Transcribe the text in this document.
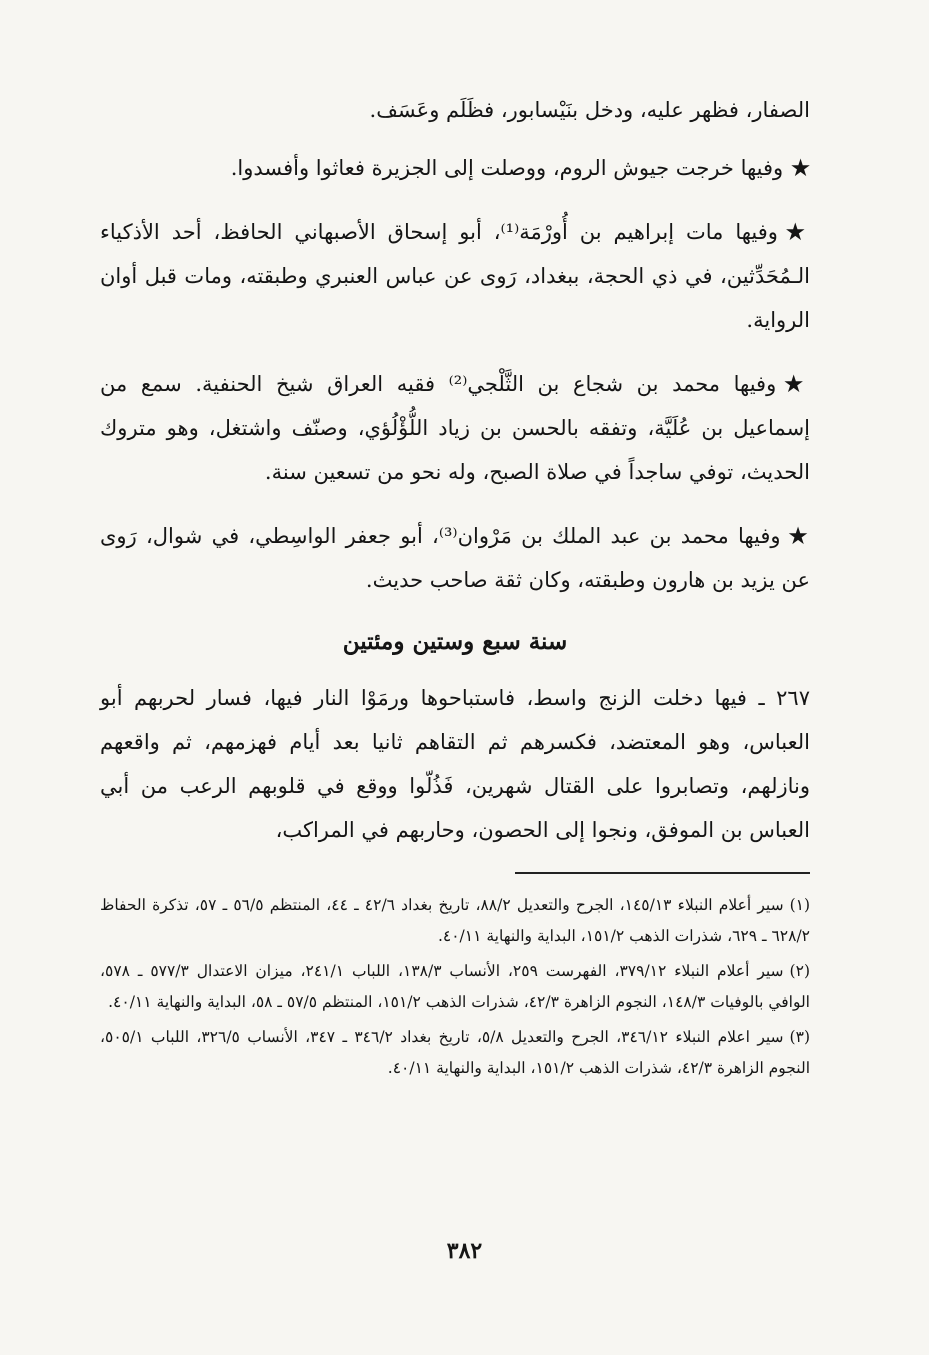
الصفار، فظهر عليه، ودخل بنَيْسابور، فظَلَم وعَسَف.

★وفيها خرجت جيوش الروم، ووصلت إلى الجزيرة فعاثوا وأفسدوا.

★وفيها مات إبراهيم بن أُورْمَة⁽¹⁾، أبو إسحاق الأصبهاني الحافظ، أحد الأذكياء الـمُحَدِّثين، في ذي الحجة، ببغداد، رَوى عن عباس العنبري وطبقته، ومات قبل أوان الرواية.

★وفيها محمد بن شجاع بن الثَّلْجي⁽²⁾ فقيه العراق شيخ الحنفية. سمع من إسماعيل بن عُلَيَّة، وتفقه بالحسن بن زياد اللُّؤْلُؤي، وصنّف واشتغل، وهو متروك الحديث، توفي ساجداً في صلاة الصبح، وله نحو من تسعين سنة.

★وفيها محمد بن عبد الملك بن مَرْوان⁽³⁾، أبو جعفر الواسِطي، في شوال، رَوى عن يزيد بن هارون وطبقته، وكان ثقة صاحب حديث.

سنة سبع وستين ومئتين

٢٦٧ ـ فيها دخلت الزنج واسط، فاستباحوها ورمَوْا النار فيها، فسار لحربهم أبو العباس، وهو المعتضد، فكسرهم ثم التقاهم ثانيا بعد أيام فهزمهم، ثم واقعهم ونازلهم، وتصابروا على القتال شهرين، فَذُلّوا ووقع في قلوبهم الرعب من أبي العباس بن الموفق، ونجوا إلى الحصون، وحاربهم في المراكب،

(١)سير أعلام النبلاء ١٤٥/١٣، الجرح والتعديل ٨٨/٢، تاريخ بغداد ٤٢/٦ ـ ٤٤، المنتظم ٥٦/٥ ـ ٥٧، تذكرة الحفاظ ٦٢٨/٢ ـ ٦٢٩، شذرات الذهب ١٥١/٢، البداية والنهاية ٤٠/١١.
(٢)سير أعلام النبلاء ٣٧٩/١٢، الفهرست ٢٥٩، الأنساب ١٣٨/٣، اللباب ٢٤١/١، ميزان الاعتدال ٥٧٧/٣ ـ ٥٧٨، الوافي بالوفيات ١٤٨/٣، النجوم الزاهرة ٤٢/٣، شذرات الذهب ١٥١/٢، المنتظم ٥٧/٥ ـ ٥٨، البداية والنهاية ٤٠/١١.
(٣)سير اعلام النبلاء ٣٤٦/١٢، الجرح والتعديل ٥/٨، تاريخ بغداد ٣٤٦/٢ ـ ٣٤٧، الأنساب ٣٢٦/٥، اللباب ٥٠٥/١، النجوم الزاهرة ٤٢/٣، شذرات الذهب ١٥١/٢، البداية والنهاية ٤٠/١١.
٣٨٢
